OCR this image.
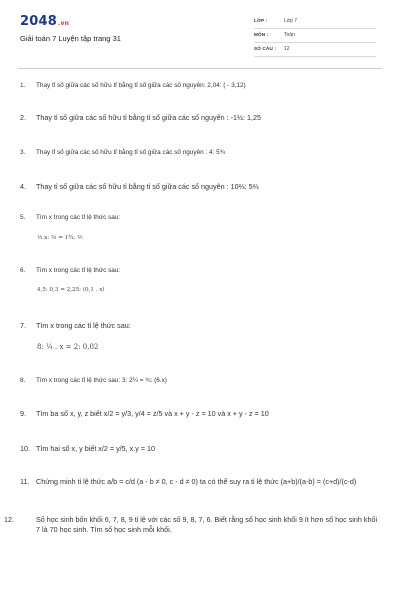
2048.vn
Giải toán 7 Luyện tập trang 31
LỚP :	Lớp 7
MÔN :	Toán
SỐ CÂU : 12
1. Thay tỉ số giữa các số hữu tỉ bằng tỉ số giữa các số nguyên: 2,04: ( - 3,12)
2. Thay tỉ số giữa các số hữu tỉ bằng tỉ số giữa các số nguyên : -1½: 1,25
3. Thay tỉ số giữa các số hữu tỉ bằng tỉ số giữa các số nguyên : 4: 5¾
4. Thay tỉ số giữa các số hữu tỉ bằng tỉ số giữa các số nguyên : 10⅔: 5⅔
5. Tìm x trong các tỉ lệ thức sau:
⅓.x: ⅔ = 1¾: ⅖
6. Tìm x trong các tỉ lệ thức sau:
4,5: 0,3 = 2,25: (0,1 . x)
7. Tìm x trong các tỉ lệ thức sau:
8: ¼ . x = 2: 0,02
8. Tìm x trong các tỉ lệ thức sau: 3: 2¼ = ¾: (6.x)
9. Tìm ba số x, y, z biết x/2 = y/3, y/4 = z/5 và x + y - z = 10 và x + y - z = 10
10. Tìm hai số x, y biết x/2 = y/5, x.y = 10
11. Chứng minh tỉ lệ thức a/b = c/d (a - b ≠ 0, c - d ≠ 0) ta có thể suy ra tỉ lệ thức (a+b)/(a-b) = (c+d)/(c-d)
12.	Số học sinh bốn khối 6, 7, 8, 9 tỉ lệ với các số 9, 8, 7, 6. Biết rằng số học sinh khối 9 ít hơn số học sinh khối 7 là 70 học sinh. Tìm số học sinh mỗi khối.
